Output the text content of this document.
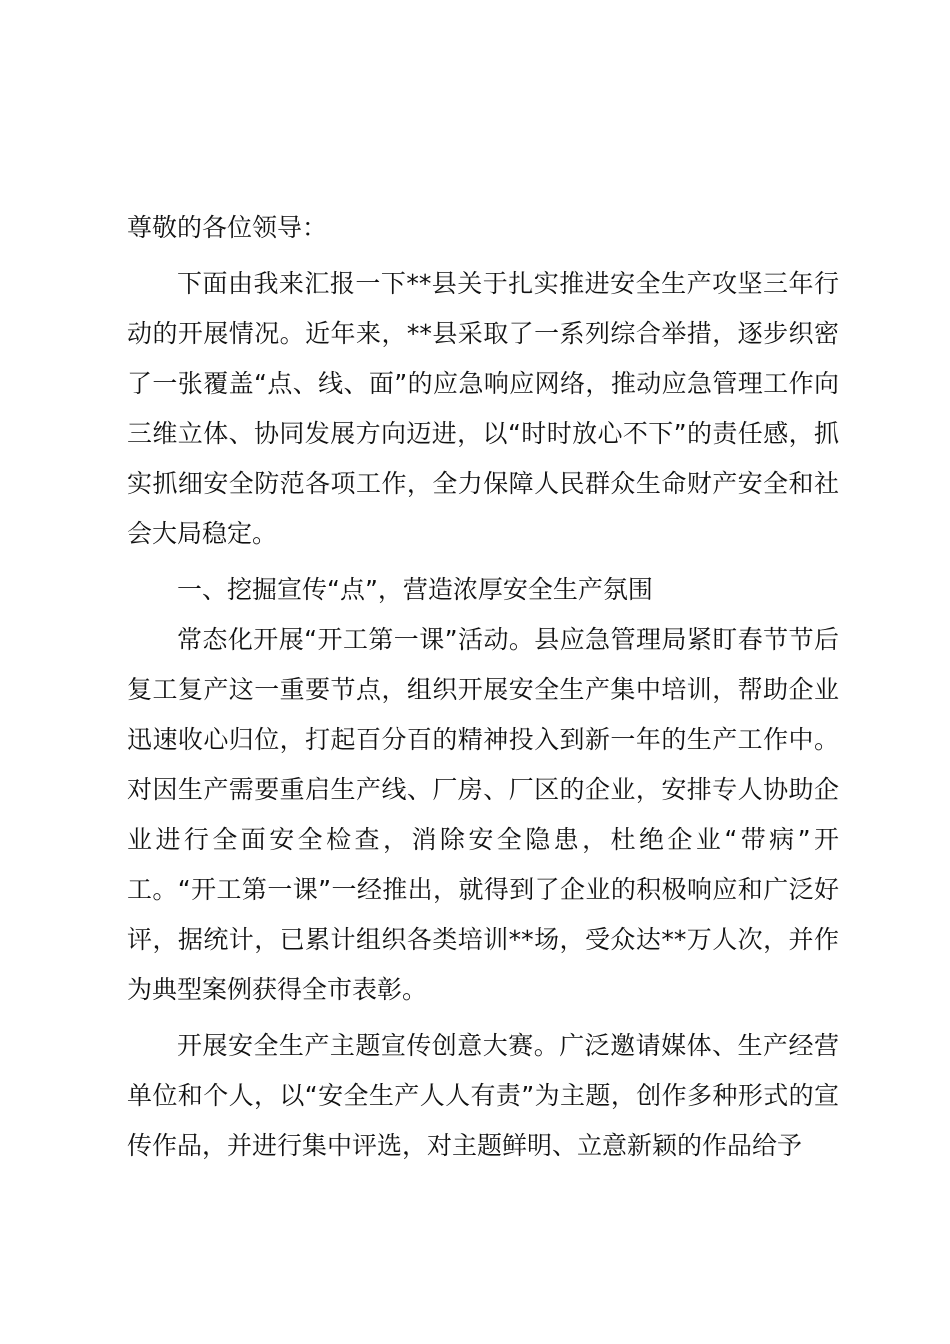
尊敬的各位领导：

下面由我来汇报一下**县关于扎实推进安全生产攻坚三年行动的开展情况。近年来，**县采取了一系列综合举措，逐步织密了一张覆盖“点、线、面”的应急响应网络，推动应急管理工作向三维立体、协同发展方向迈进，以“时时放心不下”的责任感，抓实抓细安全防范各项工作，全力保障人民群众生命财产安全和社会大局稳定。

一、挖掘宣传“点”，营造浓厚安全生产氛围

常态化开展“开工第一课”活动。县应急管理局紧盯春节节后复工复产这一重要节点，组织开展安全生产集中培训，帮助企业迅速收心归位，打起百分百的精神投入到新一年的生产工作中。对因生产需要重启生产线、厂房、厂区的企业，安排专人协助企业进行全面安全检查，消除安全隐患，杜绝企业“带病”开工。“开工第一课”一经推出，就得到了企业的积极响应和广泛好评，据统计，已累计组织各类培训**场，受众达**万人次，并作为典型案例获得全市表彰。

开展安全生产主题宣传创意大赛。广泛邀请媒体、生产经营单位和个人，以“安全生产人人有责”为主题，创作多种形式的宣传作品，并进行集中评选，对主题鲜明、立意新颖的作品给予
